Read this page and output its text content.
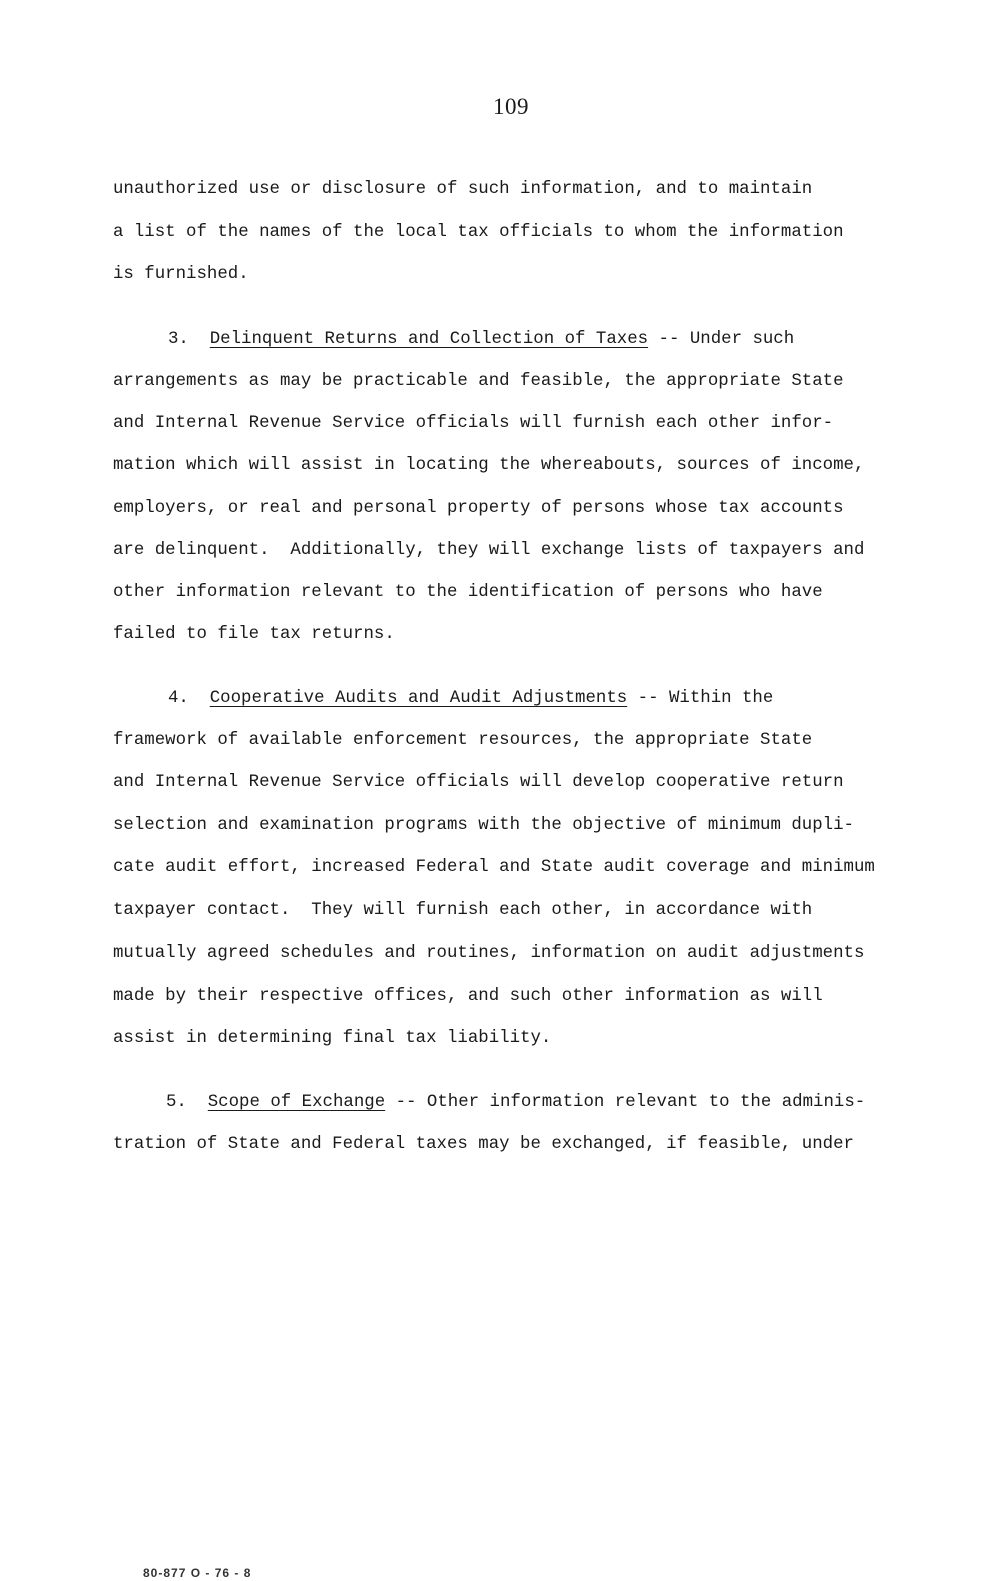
109
unauthorized use or disclosure of such information, and to maintain
a list of the names of the local tax officials to whom the information
is furnished.
3. Delinquent Returns and Collection of Taxes -- Under such
arrangements as may be practicable and feasible, the appropriate State
and Internal Revenue Service officials will furnish each other infor-
mation which will assist in locating the whereabouts, sources of income,
employers, or real and personal property of persons whose tax accounts
are delinquent.  Additionally, they will exchange lists of taxpayers and
other information relevant to the identification of persons who have
failed to file tax returns.
4. Cooperative Audits and Audit Adjustments -- Within the
framework of available enforcement resources, the appropriate State
and Internal Revenue Service officials will develop cooperative return
selection and examination programs with the objective of minimum dupli-
cate audit effort, increased Federal and State audit coverage and minimum
taxpayer contact.  They will furnish each other, in accordance with
mutually agreed schedules and routines, information on audit adjustments
made by their respective offices, and such other information as will
assist in determining final tax liability.
5. Scope of Exchange -- Other information relevant to the adminis-
tration of State and Federal taxes may be exchanged, if feasible, under
80-877 O - 76 - 8
